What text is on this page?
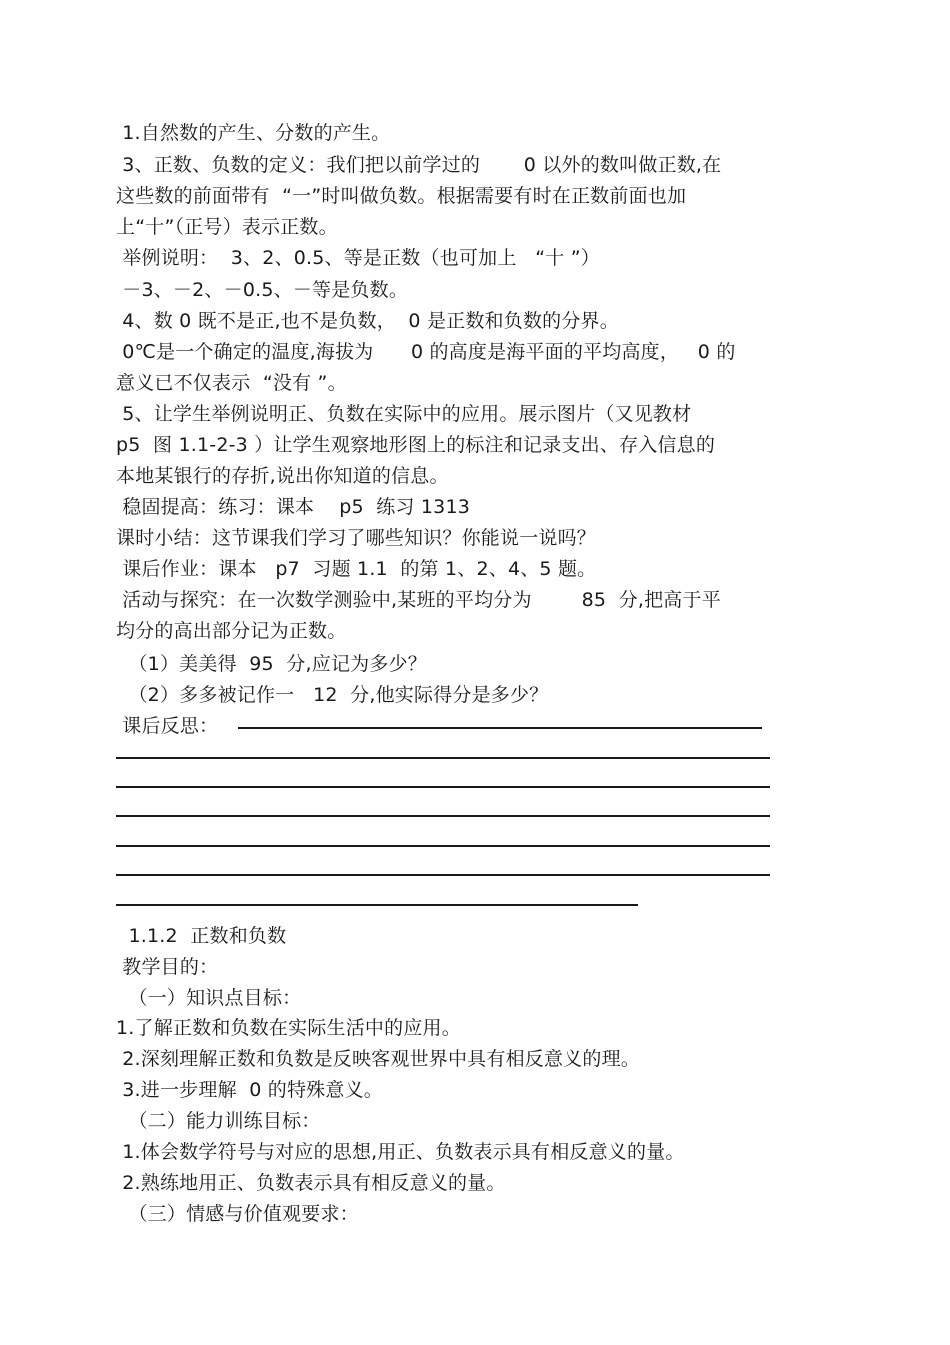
1.自然数的产生、分数的产生。
3、正数、负数的定义：我们把以前学过的       0 以外的数叫做正数,在
这些数的前面带有  “一”时叫做负数。根据需要有时在正数前面也加
上“十”（正号）表示正数。
举例说明：  3、2、0.5、等是正数（也可加上   “十 ”）
－3、－2、－0.5、－等是负数。
4、数 0 既不是正,也不是负数，  0 是正数和负数的分界。
0℃是一个确定的温度,海拔为      0 的高度是海平面的平均高度，   0 的
意义已不仅表示  “没有 ”。
5、让学生举例说明正、负数在实际中的应用。展示图片（又见教材
p5  图 1.1-2-3 ）让学生观察地形图上的标注和记录支出、存入信息的
本地某银行的存折,说出你知道的信息。
稳固提高：练习：课本    p5  练习 1313
课时小结：这节课我们学习了哪些知识？你能说一说吗？
课后作业：课本   p7  习题 1.1  的第 1、2、4、5 题。
活动与探究：在一次数学测验中,某班的平均分为        85  分,把高于平
均分的高出部分记为正数。
（1）美美得  95  分,应记为多少？
（2）多多被记作一   12  分,他实际得分是多少？
课后反思：
1.1.2  正数和负数
教学目的：
（一）知识点目标：
1.了解正数和负数在实际生活中的应用。
2.深刻理解正数和负数是反映客观世界中具有相反意义的理。
3.进一步理解  0 的特殊意义。
（二）能力训练目标：
1.体会数学符号与对应的思想,用正、负数表示具有相反意义的量。
2.熟练地用正、负数表示具有相反意义的量。
（三）情感与价值观要求：
